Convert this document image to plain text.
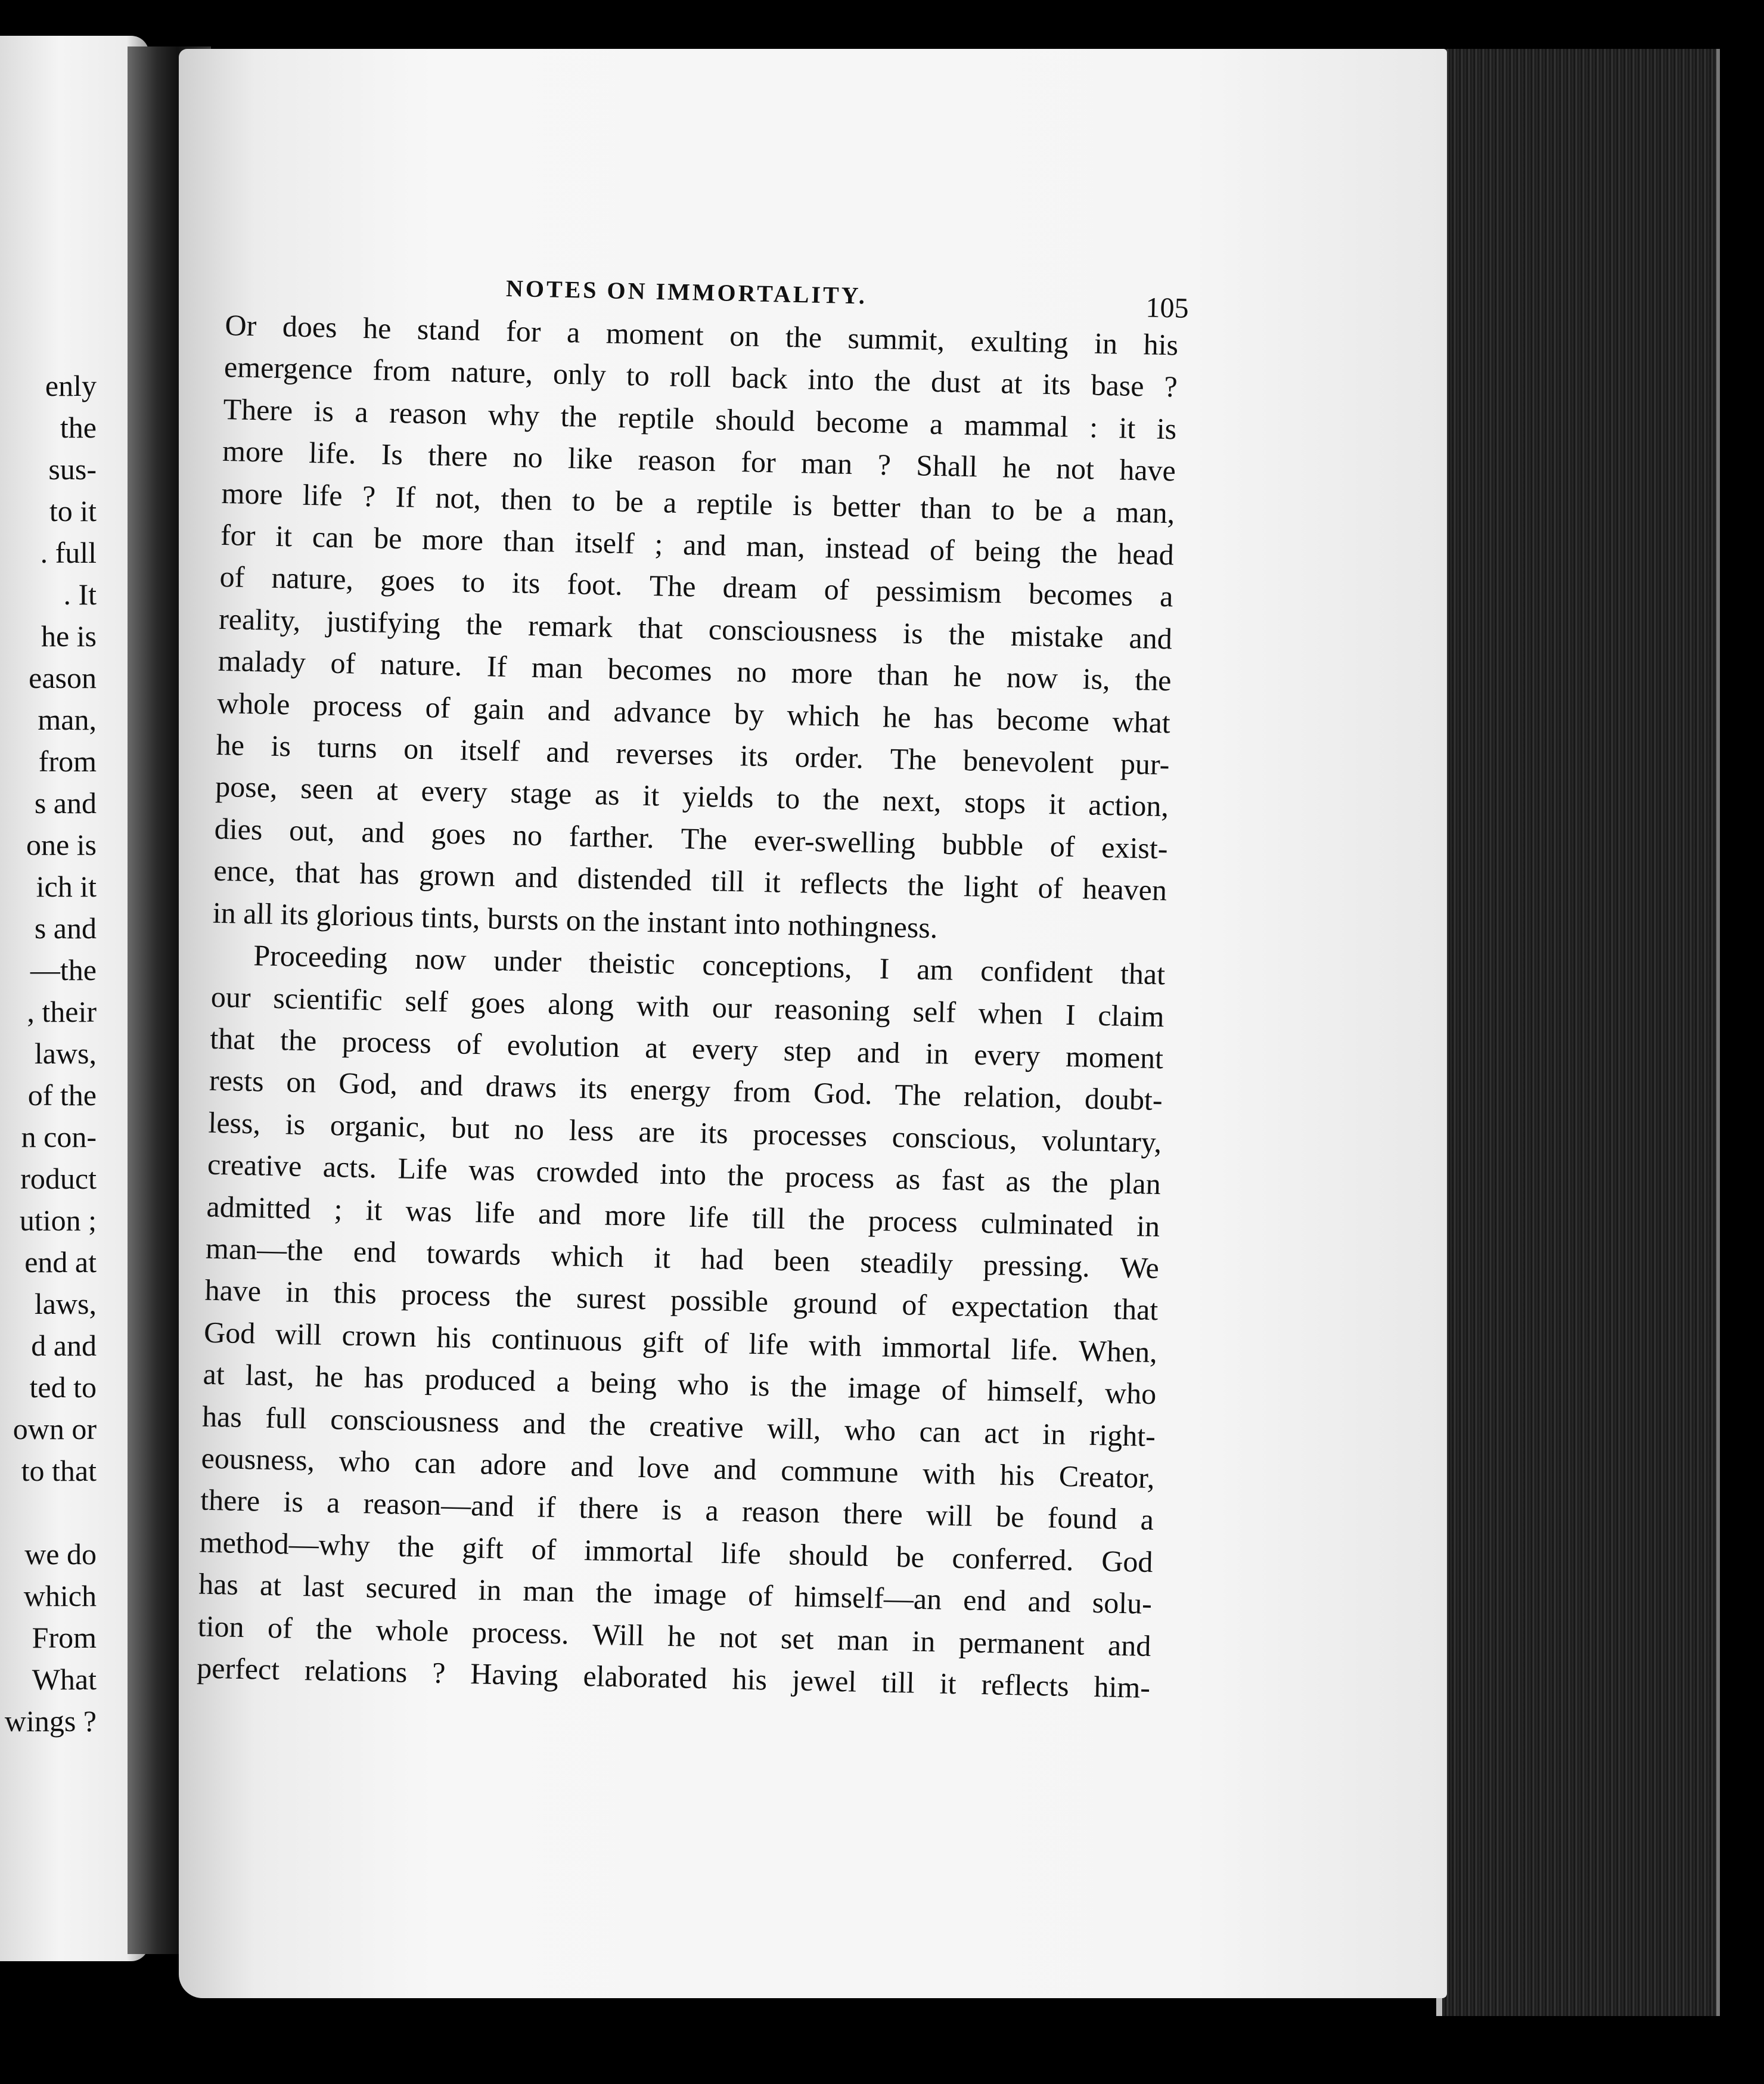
enly
the
sus-
to it
. full
. It
he is
eason
man,
from
s and
one is
ich it
s and
—the
, their
laws,
of the
n con-
roduct
ution ;
end at
laws,
d and
ted to
own or
to that
we do
which
From
What
wings ?
NOTES ON IMMORTALITY.	105
Or does he stand for a moment on the summit, exulting in his
emergence from nature, only to roll back into the dust at its base ?
There is a reason why the reptile should become a mammal : it is
more life. Is there no like reason for man ? Shall he not have
more life ? If not, then to be a reptile is better than to be a man,
for it can be more than itself ; and man, instead of being the head
of nature, goes to its foot. The dream of pessimism becomes a
reality, justifying the remark that consciousness is the mistake and
malady of nature. If man becomes no more than he now is, the
whole process of gain and advance by which he has become what
he is turns on itself and reverses its order. The benevolent pur-
pose, seen at every stage as it yields to the next, stops it action,
dies out, and goes no farther. The ever-swelling bubble of exist-
ence, that has grown and distended till it reflects the light of heaven
in all its glorious tints, bursts on the instant into nothingness.
Proceeding now under theistic conceptions, I am confident that
our scientific self goes along with our reasoning self when I claim
that the process of evolution at every step and in every moment
rests on God, and draws its energy from God. The relation, doubt-
less, is organic, but no less are its processes conscious, voluntary,
creative acts. Life was crowded into the process as fast as the plan
admitted ; it was life and more life till the process culminated in
man—the end towards which it had been steadily pressing. We
have in this process the surest possible ground of expectation that
God will crown his continuous gift of life with immortal life. When,
at last, he has produced a being who is the image of himself, who
has full consciousness and the creative will, who can act in right-
eousness, who can adore and love and commune with his Creator,
there is a reason—and if there is a reason there will be found a
method—why the gift of immortal life should be conferred. God
has at last secured in man the image of himself—an end and solu-
tion of the whole process. Will he not set man in permanent and
perfect relations ? Having elaborated his jewel till it reflects him-
